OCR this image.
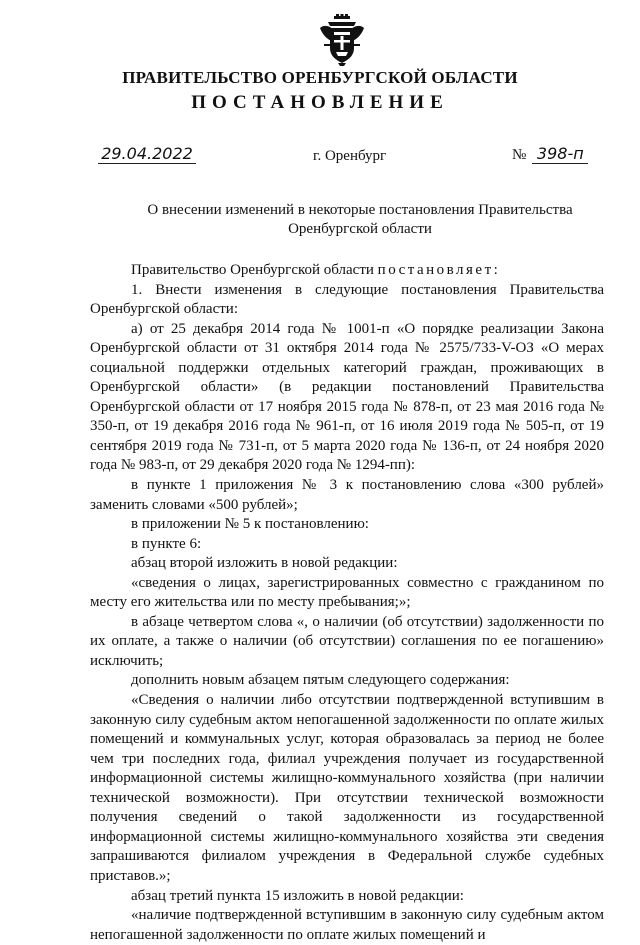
ПРАВИТЕЛЬСТВО ОРЕНБУРГСКОЙ ОБЛАСТИ
ПОСТАНОВЛЕНИЕ
29.04.2022	г. Оренбург	№ 398-п
О внесении изменений в некоторые постановления Правительства
Оренбургской области

Правительство Оренбургской области постановляет:

1. Внести изменения в следующие постановления Правительства Оренбургской области:

а) от 25 декабря 2014 года № 1001-п «О порядке реализации Закона Оренбургской области от 31 октября 2014 года № 2575/733-V-ОЗ «О мерах социальной поддержки отдельных категорий граждан, проживающих в Оренбургской области» (в редакции постановлений Правительства Оренбургской области от 17 ноября 2015 года № 878-п, от 23 мая 2016 года № 350-п, от 19 декабря 2016 года № 961-п, от 16 июля 2019 года № 505-п, от 19 сентября 2019 года № 731-п, от 5 марта 2020 года № 136-п, от 24 ноября 2020 года № 983-п, от 29 декабря 2020 года № 1294-пп):

в пункте 1 приложения № 3 к постановлению слова «300 рублей» заменить словами «500 рублей»;

в приложении № 5 к постановлению:

в пункте 6:

абзац второй изложить в новой редакции:

«сведения о лицах, зарегистрированных совместно с гражданином по месту его жительства или по месту пребывания;»;

в абзаце четвертом слова «, о наличии (об отсутствии) задолженности по их оплате, а также о наличии (об отсутствии) соглашения по ее погашению» исключить;

дополнить новым абзацем пятым следующего содержания:

«Сведения о наличии либо отсутствии подтвержденной вступившим в законную силу судебным актом непогашенной задолженности по оплате жилых помещений и коммунальных услуг, которая образовалась за период не более чем три последних года, филиал учреждения получает из государственной информационной системы жилищно-коммунального хозяйства (при наличии технической возможности). При отсутствии технической возможности получения сведений о такой задолженности из государственной информационной системы жилищно-коммунального хозяйства эти сведения запрашиваются филиалом учреждения в Федеральной службе судебных приставов.»;

абзац третий пункта 15 изложить в новой редакции:

«наличие подтвержденной вступившим в законную силу судебным актом непогашенной задолженности по оплате жилых помещений и
